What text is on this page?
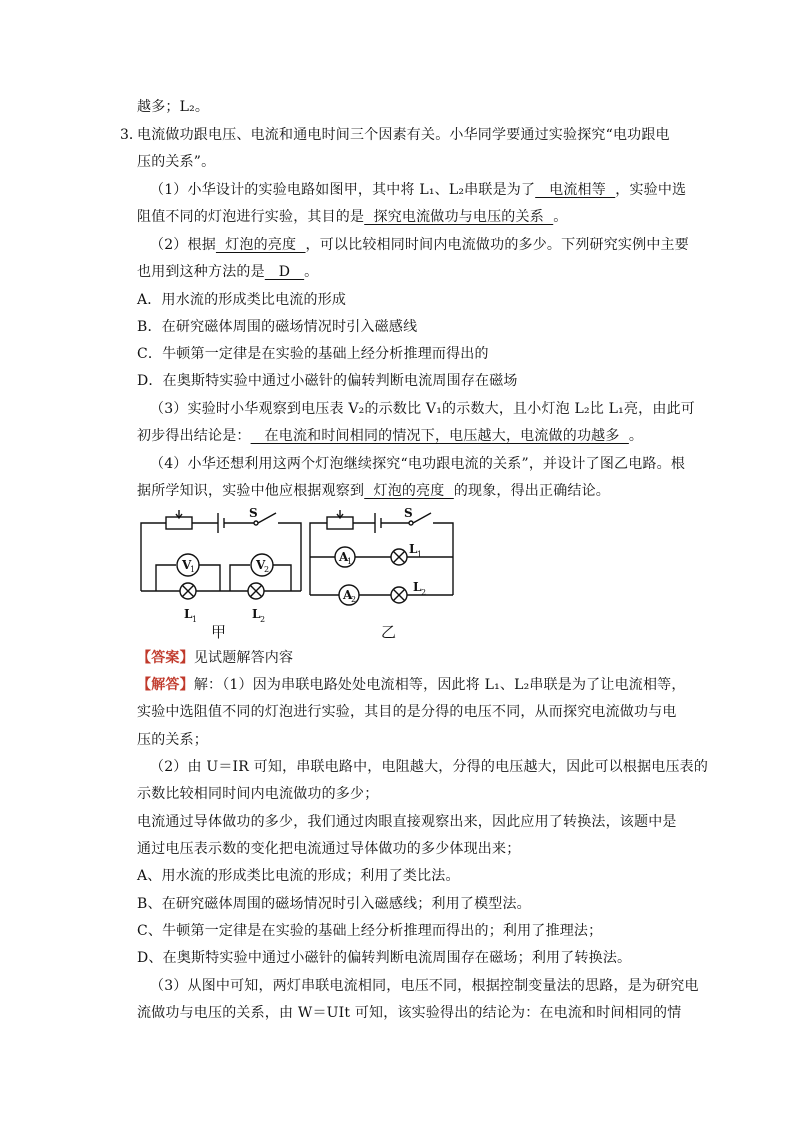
越多；L₂。
3．
电流做功跟电压、电流和通电时间三个因素有关。小华同学要通过实验探究“电功跟电
压的关系”。
（1）小华设计的实验电路如图甲，其中将 L₁、L₂串联是为了   电流相等  ，实验中选
阻值不同的灯泡进行实验，其目的是  探究电流做功与电压的关系  。
（2）根据  灯泡的亮度  ，可以比较相同时间内电流做功的多少。下列研究实例中主要
也用到这种方法的是   D   。
A．用水流的形成类比电流的形成
B．在研究磁体周围的磁场情况时引入磁感线
C．牛顿第一定律是在实验的基础上经分析推理而得出的
D．在奥斯特实验中通过小磁针的偏转判断电流周围存在磁场
（3）实验时小华观察到电压表 V₂的示数比 V₁的示数大，且小灯泡 L₂比 L₁亮，由此可
初步得出结论是：   在电流和时间相同的情况下，电压越大，电流做的功越多  。
（4）小华还想利用这两个灯泡继续探究“电功跟电流的关系”，并设计了图乙电路。根
据所学知识，实验中他应根据观察到  灯泡的亮度  的现象，得出正确结论。
S
V
1	V
2
L 1	L 2
甲
S
A
1
A
2
L 1
L 2
乙
【答案】见试题解答内容
【解答】解：（1）因为串联电路处处电流相等，因此将 L₁、L₂串联是为了让电流相等，
实验中选阻值不同的灯泡进行实验，其目的是分得的电压不同，从而探究电流做功与电
压的关系；
（2）由 U＝IR 可知，串联电路中，电阻越大，分得的电压越大，因此可以根据电压表的
示数比较相同时间内电流做功的多少；
电流通过导体做功的多少，我们通过肉眼直接观察出来，因此应用了转换法，该题中是
通过电压表示数的变化把电流通过导体做功的多少体现出来；
A、用水流的形成类比电流的形成；利用了类比法。
B、在研究磁体周围的磁场情况时引入磁感线；利用了模型法。
C、牛顿第一定律是在实验的基础上经分析推理而得出的；利用了推理法；
D、在奥斯特实验中通过小磁针的偏转判断电流周围存在磁场；利用了转换法。
（3）从图中可知，两灯串联电流相同，电压不同，根据控制变量法的思路，是为研究电
流做功与电压的关系，由 W＝UIt 可知，该实验得出的结论为：在电流和时间相同的情
